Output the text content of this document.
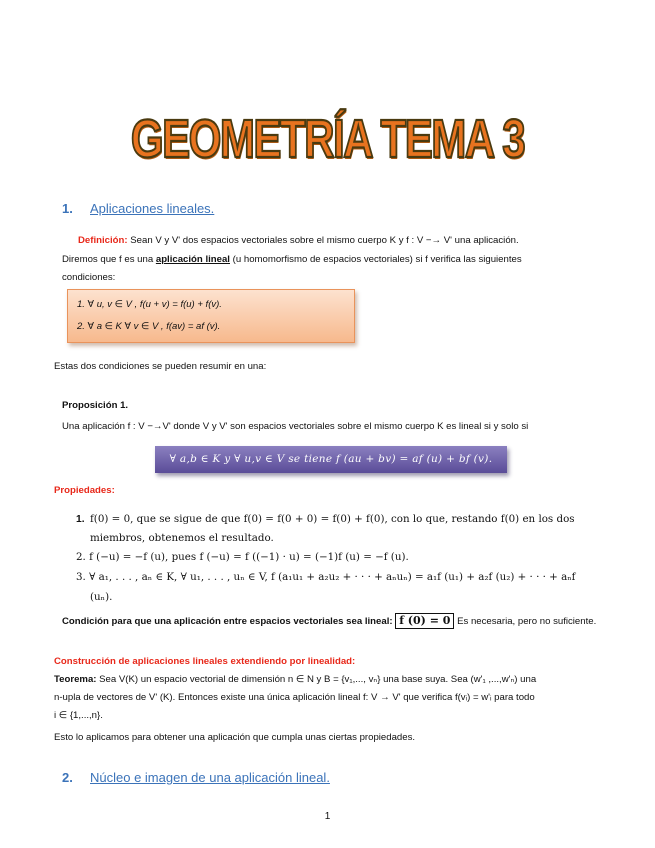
GEOMETRÍA TEMA 3
1. Aplicaciones lineales.
Definición: Sean V y V' dos espacios vectoriales sobre el mismo cuerpo K y f : V −→ V' una aplicación.
Diremos que f es una aplicación lineal (u homomorfismo de espacios vectoriales) si f verifica las siguientes
condiciones:
1. ∀ u, v ∈ V , f(u + v) = f(u) + f(v).
2. ∀ a ∈ K ∀ v ∈ V , f(av) = af (v).
Estas dos condiciones se pueden resumir en una:
Proposición 1.
Una aplicación f : V −→V' donde V y V' son espacios vectoriales sobre el mismo cuerpo K es lineal si y solo si
∀ a,b ∈ K y ∀ u,v ∈ V se tiene f (au + bv) = af (u) + bf (v).
Propiedades:
1. f(0) = 0, que se sigue de que f(0) = f(0 + 0) = f(0) + f(0), con lo que, restando f(0) en los dos
miembros, obtenemos el resultado.
2. f (−u) = −f (u), pues f (−u) = f ((−1) · u) = (−1)f (u) = −f (u).
3. ∀ a₁, . . . , aₙ ∈ K, ∀ u₁, . . . , uₙ ∈ V, f (a₁u₁ + a₂u₂ + · · · + aₙuₙ) = a₁f (u₁) + a₂f (u₂) + · · · + aₙf
(uₙ).
Condición para que una aplicación entre espacios vectoriales sea lineal: f (0) = 0 Es necesaria, pero no suficiente.
Construcción de aplicaciones lineales extendiendo por linealidad:
Teorema: Sea V(K) un espacio vectorial de dimensión n ∈ N y B = {v₁,..., vₙ} una base suya. Sea (w'₁ ,...,w'ₙ) una
n-upla de vectores de V' (K). Entonces existe una única aplicación lineal f: V → V' que verifica f(vᵢ) = w'ᵢ para todo
i ∈ {1,...,n}.
Esto lo aplicamos para obtener una aplicación que cumpla unas ciertas propiedades.
2. Núcleo e imagen de una aplicación lineal.
1
